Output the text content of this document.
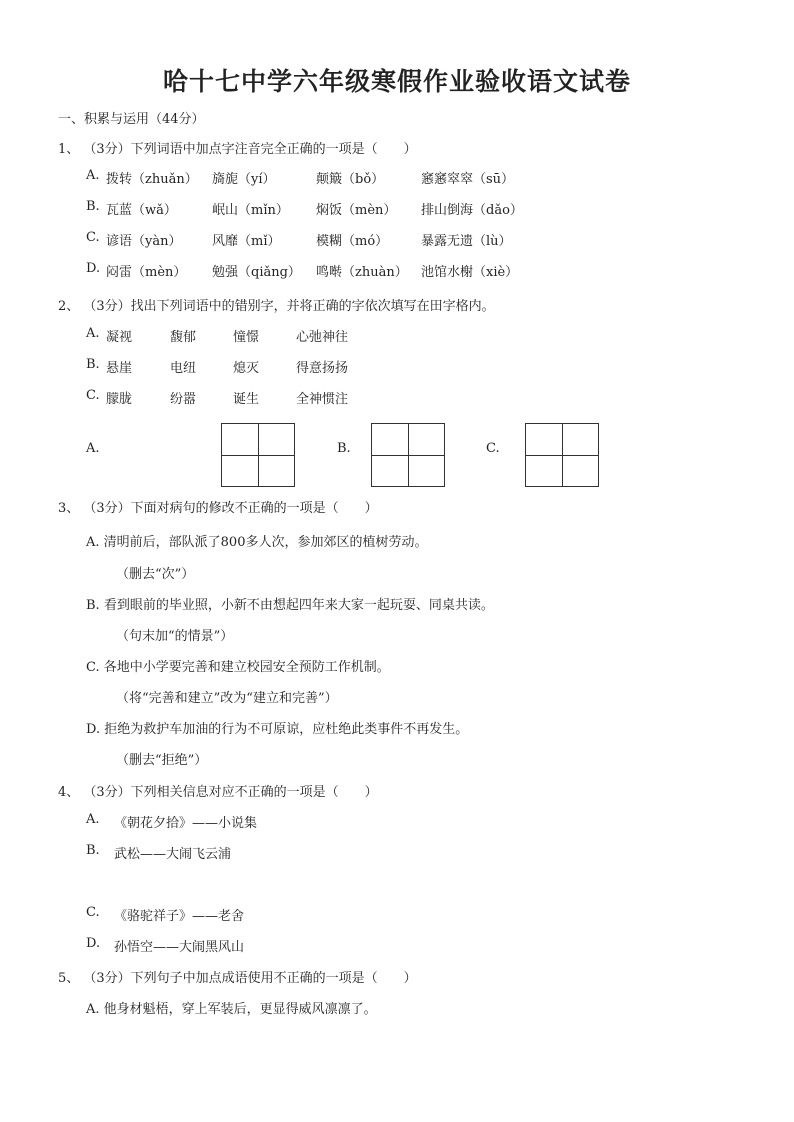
哈十七中学六年级寒假作业验收语文试卷
一、积累与运用（44分）
1、 （3分）下列词语中加点字注音完全正确的一项是（　　）
A. 拨转（zhuǎn） 旖旎（yí）	颠簸（bǒ）	窸窸窣窣（sū）
B. 瓦蓝（wǎ）	岷山（mǐn） 焖饭（mèn） 排山倒海（dǎo）
C. 谚语（yàn） 风靡（mǐ）	模糊（mó）	暴露无遗（lù）
D. 闷雷（mèn） 勉强（qiǎng） 鸣啭（zhuàn） 池馆水榭（xiè）
2、 （3分）找出下列词语中的错别字，并将正确的字依次填写在田字格内。
A. 凝视	馥郁	憧憬	心弛神往
B. 悬崖	电纽	熄灭	得意扬扬
C. 朦胧	纷嚣	诞生	全神惯注
A.	B.	C.
3、 （3分）下面对病句的修改不正确的一项是（　　）
A. 清明前后，部队派了800多人次，参加郊区的植树劳动。
（删去“次”）
B. 看到眼前的毕业照，小新不由想起四年来大家一起玩耍、同桌共读。
（句末加“的情景”）
C. 各地中小学要完善和建立校园安全预防工作机制。
（将“完善和建立”改为“建立和完善”）
D. 拒绝为救护车加油的行为不可原谅，应杜绝此类事件不再发生。
（删去“拒绝”）
4、 （3分）下列相关信息对应不正确的一项是（　　）
A. 《朝花夕拾》——小说集
B. 武松——大闹飞云浦
C. 《骆驼祥子》——老舍
D. 孙悟空——大闹黑风山
5、 （3分）下列句子中加点成语使用不正确的一项是（　　）
A. 他身材魁梧，穿上军装后，更显得威风凛凛了。
